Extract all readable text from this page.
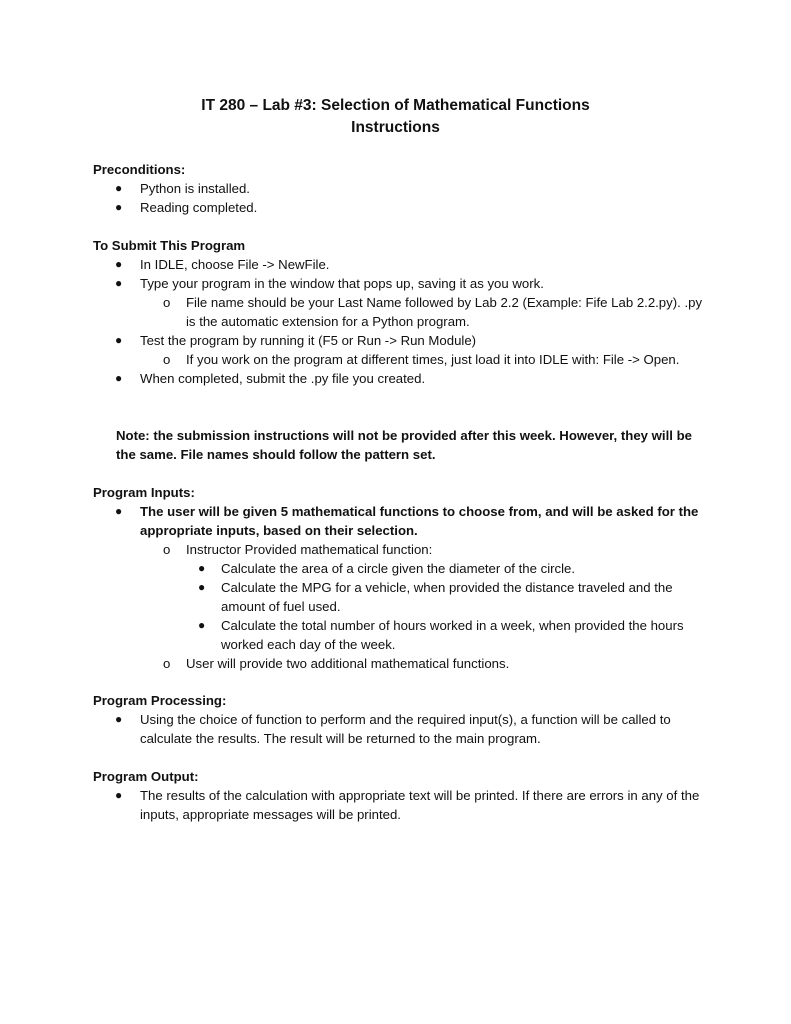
IT 280 – Lab #3: Selection of Mathematical Functions
Instructions

Preconditions:

● Python is installed.
● Reading completed.

To Submit This Program

● In IDLE, choose File -> NewFile.
● Type your program in the window that pops up, saving it as you work.
o File name should be your Last Name followed by Lab 2.2 (Example: Fife Lab 2.2.py). .py is the automatic extension for a Python program.
● Test the program by running it (F5 or Run -> Run Module)
o If you work on the program at different times, just load it into IDLE with: File -> Open.
● When completed, submit the .py file you created.
Note: the submission instructions will not be provided after this week. However, they will be the same. File names should follow the pattern set.

Program Inputs:

● The user will be given 5 mathematical functions to choose from, and will be asked for the appropriate inputs, based on their selection.
o Instructor Provided mathematical function:
● Calculate the area of a circle given the diameter of the circle.
● Calculate the MPG for a vehicle, when provided the distance traveled and the amount of fuel used.
● Calculate the total number of hours worked in a week, when provided the hours worked each day of the week.
o User will provide two additional mathematical functions.

Program Processing:

● Using the choice of function to perform and the required input(s), a function will be called to calculate the results. The result will be returned to the main program.

Program Output:

● The results of the calculation with appropriate text will be printed. If there are errors in any of the inputs, appropriate messages will be printed.
